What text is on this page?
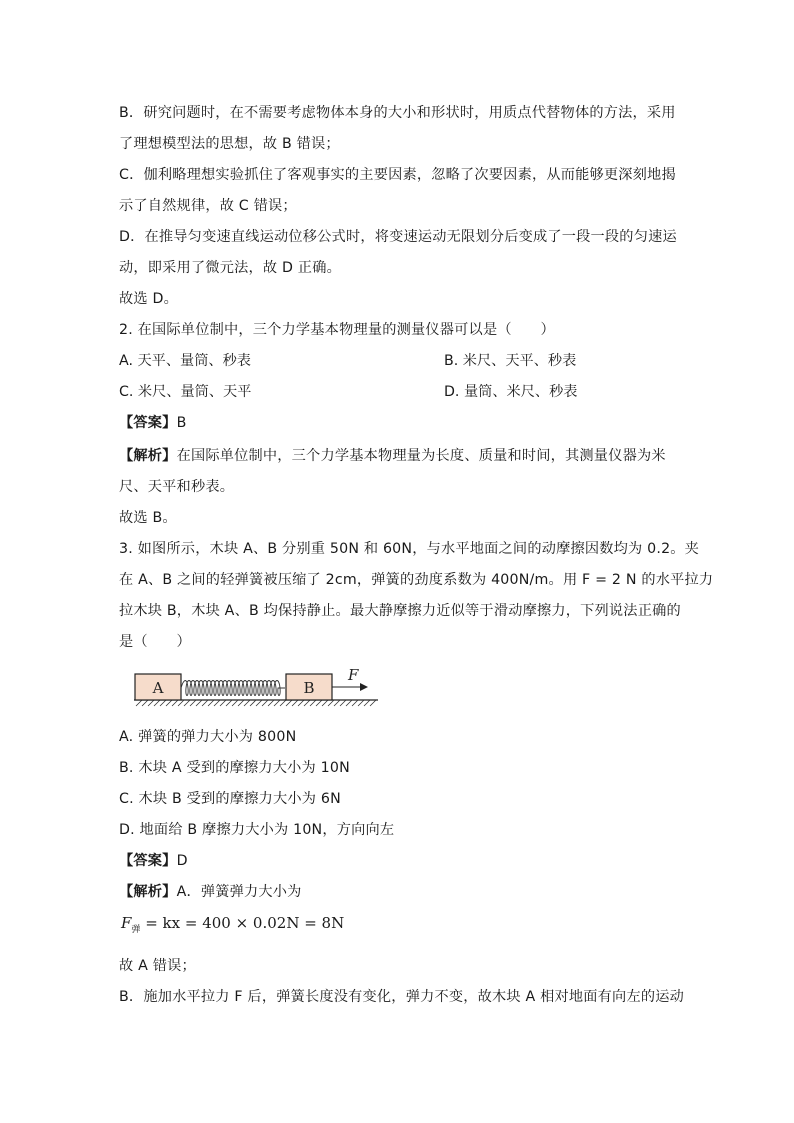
B．研究问题时，在不需要考虑物体本身的大小和形状时，用质点代替物体的方法，采用
了理想模型法的思想，故 B 错误；
C．伽利略理想实验抓住了客观事实的主要因素，忽略了次要因素，从而能够更深刻地揭
示了自然规律，故 C 错误；
D．在推导匀变速直线运动位移公式时，将变速运动无限划分后变成了一段一段的匀速运
动，即采用了微元法，故 D 正确。
故选 D。
2. 在国际单位制中，三个力学基本物理量的测量仪器可以是（　　）
A. 天平、量筒、秒表	B. 米尺、天平、秒表
C. 米尺、量筒、天平	D. 量筒、米尺、秒表
【答案】B
【解析】在国际单位制中，三个力学基本物理量为长度、质量和时间，其测量仪器为米
尺、天平和秒表。
故选 B。
3. 如图所示，木块 A、B 分别重 50N 和 60N，与水平地面之间的动摩擦因数均为 0.2。夹
在 A、B 之间的轻弹簧被压缩了 2cm，弹簧的劲度系数为 400N/m。用 F = 2 N 的水平拉力
拉木块 B，木块 A、B 均保持静止。最大静摩擦力近似等于滑动摩擦力，下列说法正确的
是（　　）
A	B
F
A. 弹簧的弹力大小为 800N
B. 木块 A 受到的摩擦力大小为 10N
C. 木块 B 受到的摩擦力大小为 6N
D. 地面给 B 摩擦力大小为 10N，方向向左
【答案】D
【解析】A．弹簧弹力大小为
$F_弹$ = kx = 400 × 0.02N = 8N
故 A 错误；
B．施加水平拉力 F 后，弹簧长度没有变化，弹力不变，故木块 A 相对地面有向左的运动
